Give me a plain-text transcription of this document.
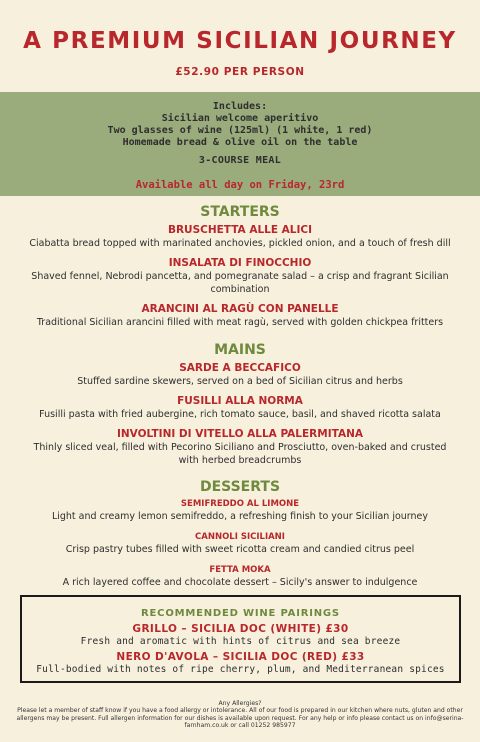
A PREMIUM SICILIAN JOURNEY
£52.90 PER PERSON
Includes:
Sicilian welcome aperitivo
Two glasses of wine (125ml) (1 white, 1 red)
Homemade bread & olive oil on the table
3-COURSE MEAL
Available all day on Friday, 23rd
STARTERS
BRUSCHETTA ALLE ALICI
Ciabatta bread topped with marinated anchovies, pickled onion, and a touch of fresh dill
INSALATA DI FINOCCHIO
Shaved fennel, Nebrodi pancetta, and pomegranate salad – a crisp and fragrant Sicilian combination
ARANCINI AL RAGÙ CON PANELLE
Traditional Sicilian arancini filled with meat ragù, served with golden chickpea fritters
MAINS
SARDE A BECCAFICO
Stuffed sardine skewers, served on a bed of Sicilian citrus and herbs
FUSILLI ALLA NORMA
Fusilli pasta with fried aubergine, rich tomato sauce, basil, and shaved ricotta salata
INVOLTINI DI VITELLO ALLA PALERMITANA
Thinly sliced veal, filled with Pecorino Siciliano and Prosciutto, oven-baked and crusted with herbed breadcrumbs
DESSERTS
SEMIFREDDO AL LIMONE
Light and creamy lemon semifreddo, a refreshing finish to your Sicilian journey
CANNOLI SICILIANI
Crisp pastry tubes filled with sweet ricotta cream and candied citrus peel
FETTA MOKA
A rich layered coffee and chocolate dessert – Sicily's answer to indulgence
RECOMMENDED WINE PAIRINGS
GRILLO – SICILIA DOC (WHITE) £30
Fresh and aromatic with hints of citrus and sea breeze
NERO D'AVOLA – SICILIA DOC (RED) £33
Full-bodied with notes of ripe cherry, plum, and Mediterranean spices
Any Allergies?
Please let a member of staff know if you have a food allergy or intolerance. All of our food is prepared in our kitchen where nuts, gluten and other allergens may be present. Full allergen information for our dishes is available upon request. For any help or info please contact us on info@serina-farnham.co.uk or call 01252 985977
